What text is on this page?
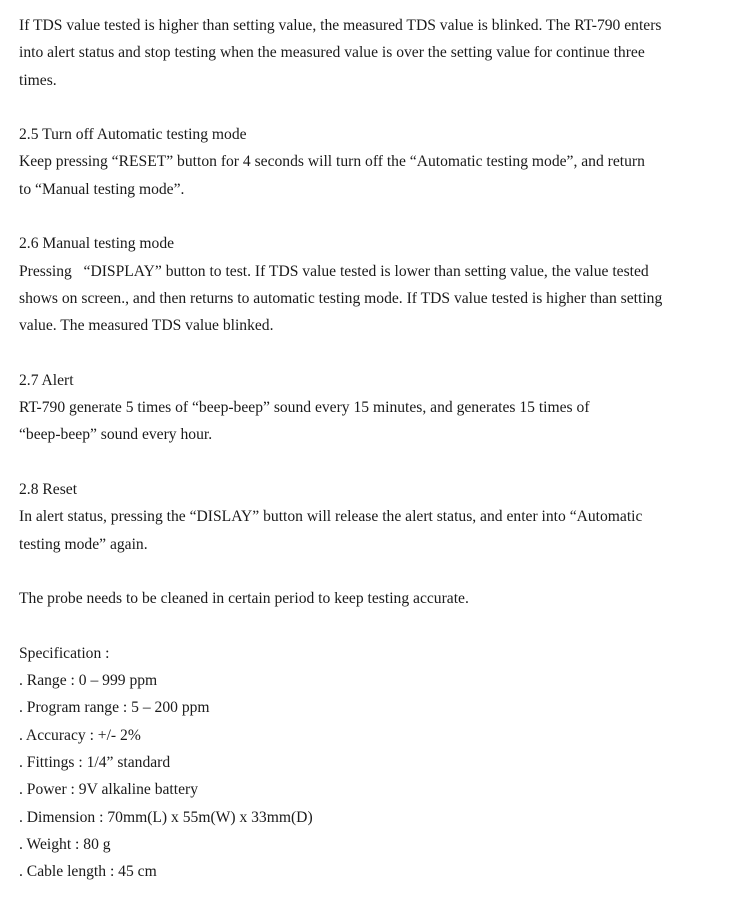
If TDS value tested is higher than setting value, the measured TDS value is blinked. The RT-790 enters
into alert status and stop testing when the measured value is over the setting value for continue three
times.
2.5 Turn off Automatic testing mode
Keep pressing “RESET” button for 4 seconds will turn off the “Automatic testing mode”, and return
to “Manual testing mode”.
2.6 Manual testing mode
Pressing   “DISPLAY” button to test. If TDS value tested is lower than setting value, the value tested
shows on screen., and then returns to automatic testing mode. If TDS value tested is higher than setting
value. The measured TDS value blinked.
2.7 Alert
RT-790 generate 5 times of “beep-beep” sound every 15 minutes, and generates 15 times of
“beep-beep” sound every hour.
2.8 Reset
In alert status, pressing the “DISLAY” button will release the alert status, and enter into “Automatic
testing mode” again.
The probe needs to be cleaned in certain period to keep testing accurate.
Specification :
. Range : 0 – 999 ppm
. Program range : 5 – 200 ppm
. Accuracy : +/- 2%
. Fittings : 1/4” standard
. Power : 9V alkaline battery
. Dimension : 70mm(L) x 55m(W) x 33mm(D)
. Weight : 80 g
. Cable length : 45 cm
